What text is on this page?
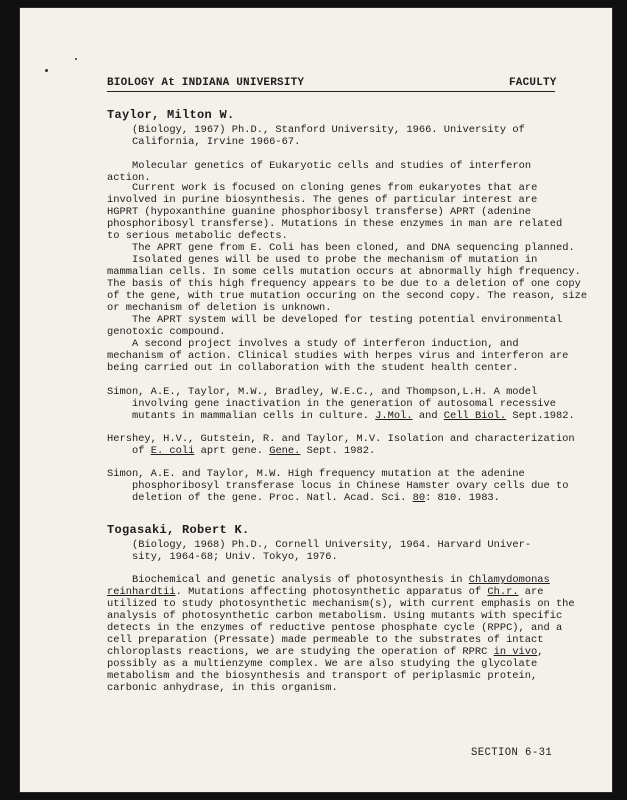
BIOLOGY At INDIANA UNIVERSITY	FACULTY
Taylor, Milton W.
(Biology, 1967) Ph.D., Stanford University, 1966. University of
California, Irvine 1966-67.
Molecular genetics of Eukaryotic cells and studies of interferon
action.
Current work is focused on cloning genes from eukaryotes that are
involved in purine biosynthesis. The genes of particular interest are
HGPRT (hypoxanthine guanine phosphoribosyl transferse) APRT (adenine
phosphoribosyl transferse). Mutations in these enzymes in man are related
to serious metabolic defects.
The APRT gene from E. Coli has been cloned, and DNA sequencing planned.
Isolated genes will be used to probe the mechanism of mutation in
mammalian cells. In some cells mutation occurs at abnormally high frequency.
The basis of this high frequency appears to be due to a deletion of one copy
of the gene, with true mutation occuring on the second copy. The reason, size
or mechanism of deletion is unknown.
The APRT system will be developed for testing potential environmental
genotoxic compound.
A second project involves a study of interferon induction, and
mechanism of action. Clinical studies with herpes virus and interferon are
being carried out in collaboration with the student health center.
Simon, A.E., Taylor, M.W., Bradley, W.E.C., and Thompson,L.H. A model
involving gene inactivation in the generation of autosomal recessive
mutants in mammalian cells in culture. J.Mol. and Cell Biol. Sept.1982.
Hershey, H.V., Gutstein, R. and Taylor, M.V. Isolation and characterization
of E. coli aprt gene. Gene. Sept. 1982.
Simon, A.E. and Taylor, M.W. High frequency mutation at the adenine
phosphoribosyl transferase locus in Chinese Hamster ovary cells due to
deletion of the gene. Proc. Natl. Acad. Sci. 80: 810. 1983.
Togasaki, Robert K.
(Biology, 1968) Ph.D., Cornell University, 1964. Harvard Univer-
sity, 1964-68; Univ. Tokyo, 1976.
Biochemical and genetic analysis of photosynthesis in Chlamydomonas
reinhardtii. Mutations affecting photosynthetic apparatus of Ch.r. are
utilized to study photosynthetic mechanism(s), with current emphasis on the
analysis of photosynthetic carbon metabolism. Using mutants with specific
detects in the enzymes of reductive pentose phosphate cycle (RPPC), and a
cell preparation (Pressate) made permeable to the substrates of intact
chloroplasts reactions, we are studying the operation of RPRC in vivo,
possibly as a multienzyme complex. We are also studying the glycolate
metabolism and the biosynthesis and transport of periplasmic protein,
carbonic anhydrase, in this organism.
SECTION 6-31
